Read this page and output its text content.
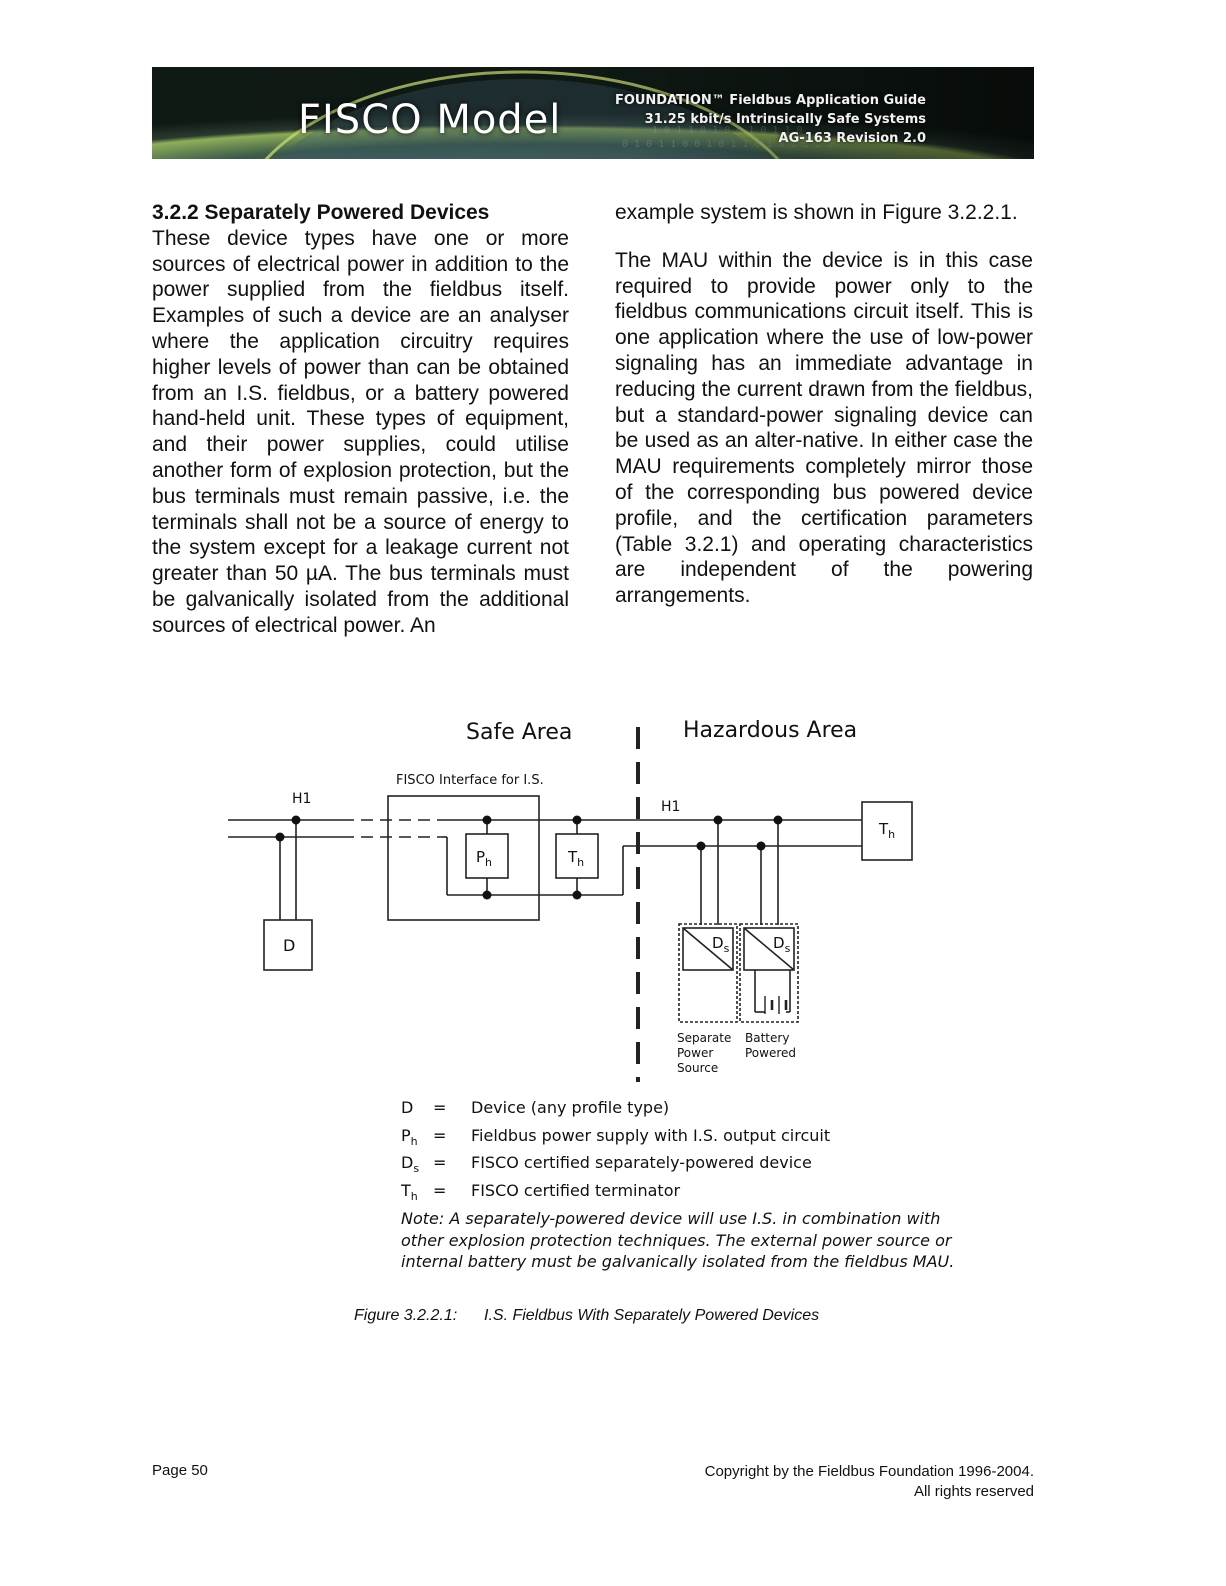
FISCO Model	FOUNDATION™ Fieldbus Application Guide
31.25 kbit/s Intrinsically Safe Systems
AG-163 Revision 2.0
3.2.2 Separately Powered Devices

These device types have one or more sources of electrical power in addition to the power supplied from the fieldbus itself. Examples of such a device are an analyser where the application circuitry requires higher levels of power than can be obtained from an I.S. fieldbus, or a battery powered hand-held unit. These types of equipment, and their power supplies, could utilise another form of explosion protection, but the bus terminals must remain passive, i.e. the terminals shall not be a source of energy to the system except for a leakage current not greater than 50 µA. The bus terminals must be galvanically isolated from the additional sources of electrical power. An

example system is shown in Figure 3.2.2.1.

The MAU within the device is in this case required to provide power only to the fieldbus communications circuit itself. This is one application where the use of low-power signaling has an immediate advantage in reducing the current drawn from the fieldbus, but a standard-power signaling device can be used as an alter-native. In either case the MAU requirements completely mirror those of the corresponding bus powered device profile, and the certification parameters (Table 3.2.1) and operating characteristics are independent of the powering arrangements.

Safe Area	Hazardous Area
FISCO Interface for I.S.
H1	H1
D
$P_h$	$T_h$
$T_h$
$D_s$	$D_s$
Separate Power Source
Battery Powered
D	=	Device (any profile type)
$P_h$ =	Fieldbus power supply with I.S. output circuit
$D_s$ =	FISCO certified separately-powered device
$T_h$ =	FISCO certified terminator
Note: A separately-powered device will use I.S. in combination with other explosion protection techniques. The external power source or internal battery must be galvanically isolated from the fieldbus MAU.
Figure 3.2.2.1:	I.S. Fieldbus With Separately Powered Devices
Page 50	Copyright by the Fieldbus Foundation 1996-2004.
All rights reserved
